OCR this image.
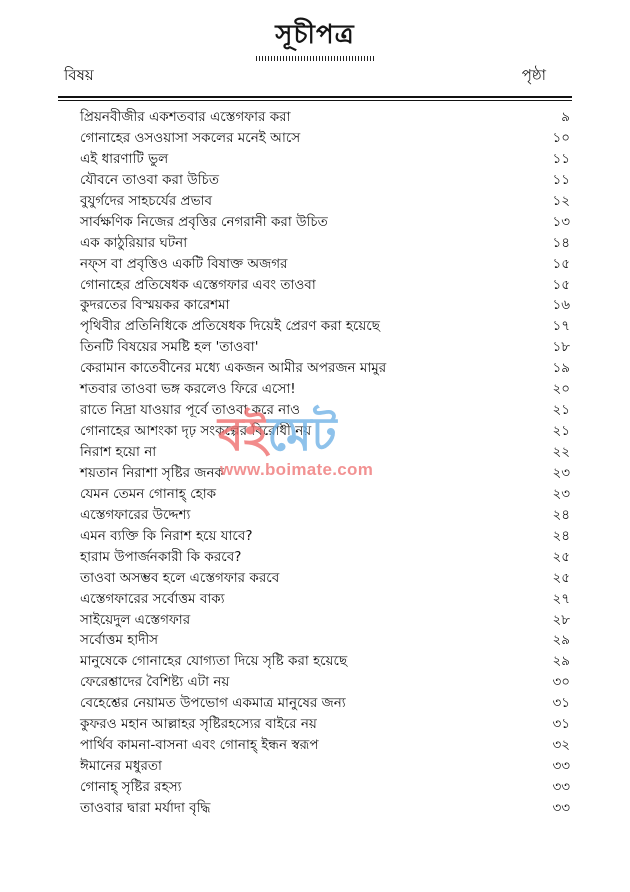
সূচীপত্র
বিষয়	পৃষ্ঠা
প্রিয়নবীজীর একশতবার এস্তেগফার করা	৯
গোনাহের ওসওয়াসা সকলের মনেই আসে	১০
এই ধারণাটি ভুল	১১
যৌবনে তাওবা করা উচিত	১১
বুযুর্গদের সাহচর্যের প্রভাব	১২
সার্বক্ষণিক নিজের প্রবৃত্তির নেগরানী করা উচিত	১৩
এক কাঠুরিয়ার ঘটনা	১৪
নফ্স বা প্রবৃত্তিও একটি বিষাক্ত অজগর	১৫
গোনাহের প্রতিষেধক এস্তেগফার এবং তাওবা	১৫
কুদরতের বিস্ময়কর কারেশমা	১৬
পৃথিবীর প্রতিনিধিকে প্রতিষেধক দিয়েই প্রেরণ করা হয়েছে	১৭
তিনটি বিষয়ের সমষ্টি হল 'তাওবা'	১৮
কেরামান কাতেবীনের মধ্যে একজন আমীর অপরজন মামুর	১৯
শতবার তাওবা ভঙ্গ করলেও ফিরে এসো!	২০
রাতে নিদ্রা যাওয়ার পূর্বে তাওবা করে নাও	২১
গোনাহের আশংকা দৃঢ় সংকল্পের বিরোধী নয়	২১
নিরাশ হয়ো না	২২
শয়তান নিরাশা সৃষ্টির জনক	২৩
যেমন তেমন গোনাহ্ হোক	২৩
এস্তেগফারের উদ্দেশ্য	২৪
এমন ব্যক্তি কি নিরাশ হয়ে যাবে?	২৪
হারাম উপার্জনকারী কি করবে?	২৫
তাওবা অসম্ভব হলে এস্তেগফার করবে	২৫
এস্তেগফারের সর্বোত্তম বাক্য	২৭
সাইয়েদুল এস্তেগফার	২৮
সর্বোত্তম হাদীস	২৯
মানুষেকে গোনাহের যোগ্যতা দিয়ে সৃষ্টি করা হয়েছে	২৯
ফেরেশ্তাদের বৈশিষ্ট্য এটা নয়	৩০
বেহেশ্তের নেয়ামত উপভোগ একমাত্র মানুষের জন্য	৩১
কুফরও মহান আল্লাহর সৃষ্টিরহস্যের বাইরে নয়	৩১
পার্থিব কামনা-বাসনা এবং গোনাহ্ ইন্ধন স্বরূপ	৩২
ঈমানের মধুরতা	৩৩
গোনাহ্ সৃষ্টির রহস্য	৩৩
তাওবার দ্বারা মর্যাদা বৃদ্ধি	৩৩
বইমেট
www.boimate.com
